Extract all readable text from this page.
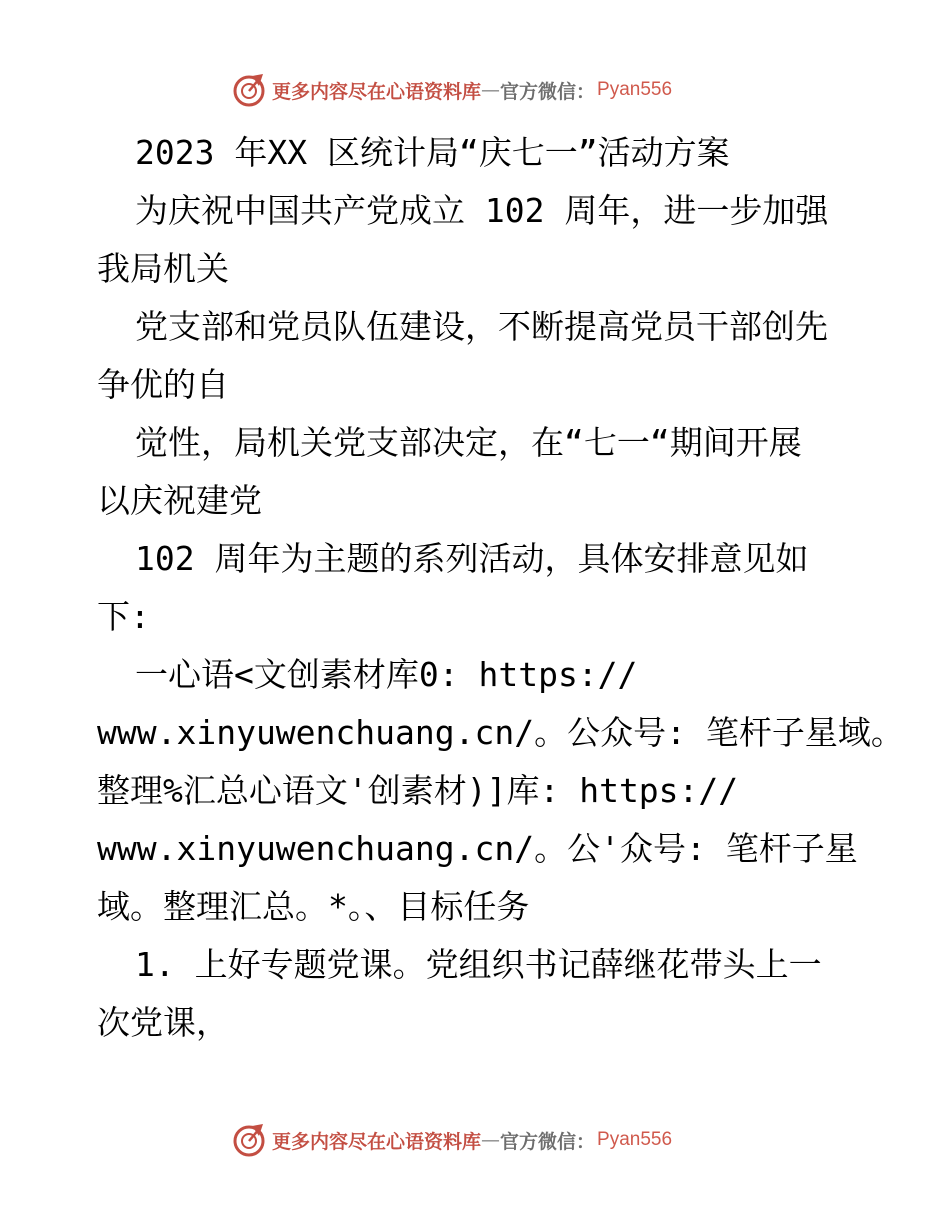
更多内容尽在心语资料库 — 官方微信： Pyan556
2023 年XX 区统计局“庆七一”活动方案
为庆祝中国共产党成立 102 周年，进一步加强
我局机关
党支部和党员队伍建设，不断提高党员干部创先
争优的自
觉性，局机关党支部决定，在“七一“期间开展
以庆祝建党
102 周年为主题的系列活动，具体安排意见如
下:
一心语<文创素材库0: https://
www.xinyuwenchuang.cn/。公众号: 笔杆子星域。
整理%汇总心语文'创素材)]库: https://
www.xinyuwenchuang.cn/。公'众号: 笔杆子星
域。整理汇总。*。、目标任务
1. 上好专题党课。党组织书记薛继花带头上一
次党课，
更多内容尽在心语资料库 — 官方微信： Pyan556
